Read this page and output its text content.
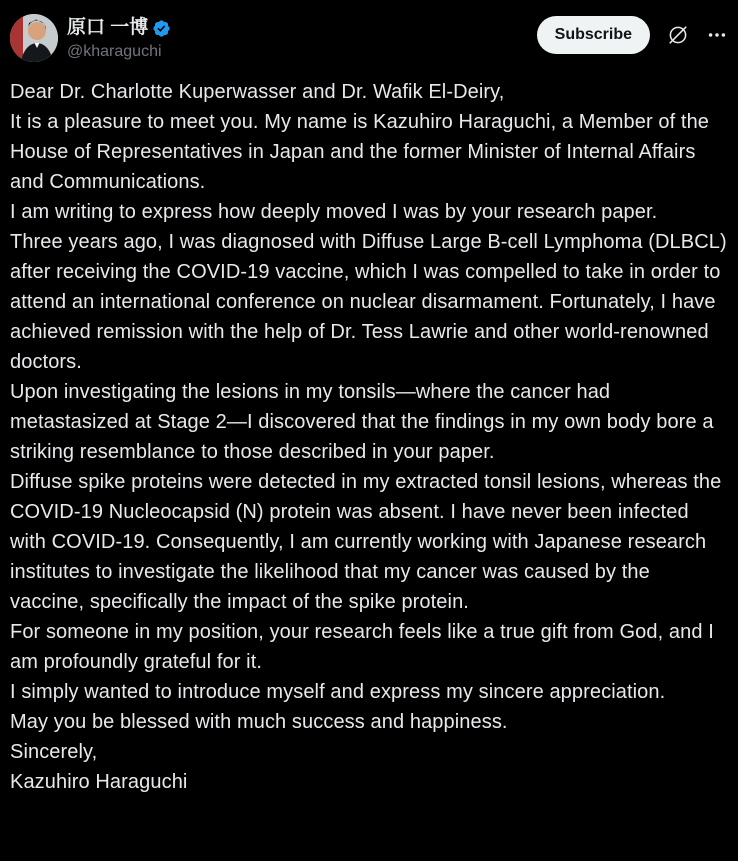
原口 一博
@kharaguchi
Subscribe

Dear Dr. Charlotte Kuperwasser and Dr. Wafik El-Deiry,

It is a pleasure to meet you. My name is Kazuhiro Haraguchi, a Member of the House of Representatives in Japan and the former Minister of Internal Affairs and Communications.

I am writing to express how deeply moved I was by your research paper.

Three years ago, I was diagnosed with Diffuse Large B-cell Lymphoma (DLBCL) after receiving the COVID-19 vaccine, which I was compelled to take in order to attend an international conference on nuclear disarmament. Fortunately, I have achieved remission with the help of Dr. Tess Lawrie and other world-renowned doctors.

Upon investigating the lesions in my tonsils—where the cancer had metastasized at Stage 2—I discovered that the findings in my own body bore a striking resemblance to those described in your paper.

Diffuse spike proteins were detected in my extracted tonsil lesions, whereas the COVID-19 Nucleocapsid (N) protein was absent. I have never been infected with COVID-19. Consequently, I am currently working with Japanese research institutes to investigate the likelihood that my cancer was caused by the vaccine, specifically the impact of the spike protein.

For someone in my position, your research feels like a true gift from God, and I am profoundly grateful for it.

I simply wanted to introduce myself and express my sincere appreciation.

May you be blessed with much success and happiness.

Sincerely,

Kazuhiro Haraguchi
